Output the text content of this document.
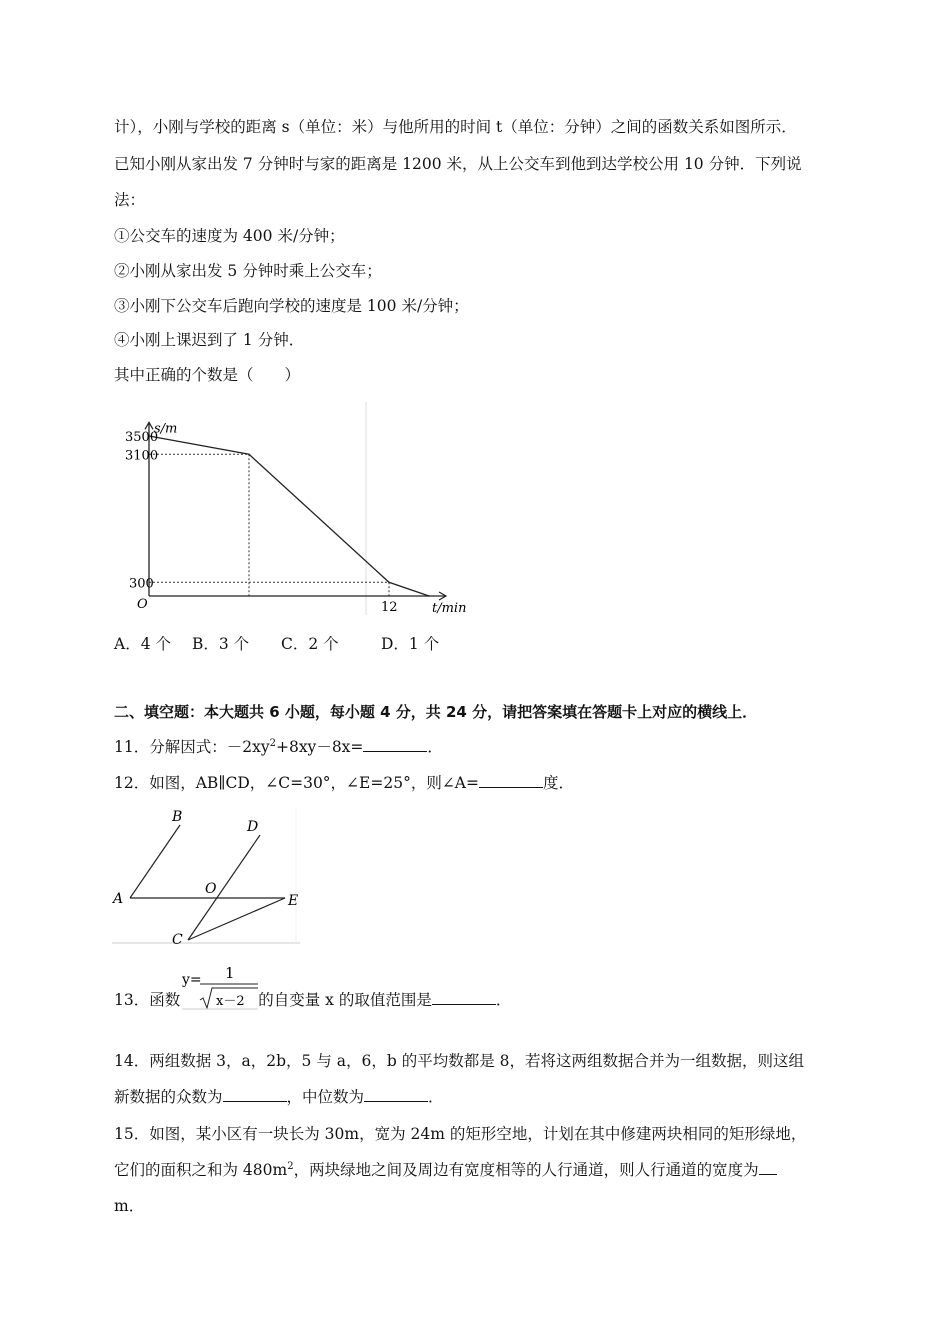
计），小刚与学校的距离 s（单位：米）与他所用的时间 t（单位：分钟）之间的函数关系如图所示．
已知小刚从家出发 7 分钟时与家的距离是 1200 米，从上公交车到他到达学校公用 10 分钟．下列说
法：
①公交车的速度为 400 米/分钟；
②小刚从家出发 5 分钟时乘上公交车；
③小刚下公交车后跑向学校的速度是 100 米/分钟；
④小刚上课迟到了 1 分钟．
其中正确的个数是（　　）
3500
3100
300
12
O
s/m
t/min
A．4 个 B．3 个 C．2 个	D．1 个
二、填空题：本大题共 6 小题，每小题 4 分，共 24 分，请把答案填在答题卡上对应的横线上．
11．分解因式：$-2xy^2+8xy-8x=$	．
12．如图，AB∥CD，∠C=30°，∠E=25°，则∠A=	度．
A
B
O
D
E
C
13．函数	的自变量 x 的取值范围是	．
y= 1
x－2
14．两组数据 3，a，2b，5 与 a，6，b 的平均数都是 8，若将这两组数据合并为一组数据，则这组
新数据的众数为	，中位数为	．
15．如图，某小区有一块长为 30m，宽为 24m 的矩形空地，计划在其中修建两块相同的矩形绿地，
它们的面积之和为 $480m^2$，两块绿地之间及周边有宽度相等的人行通道，则人行通道的宽度为
m．
